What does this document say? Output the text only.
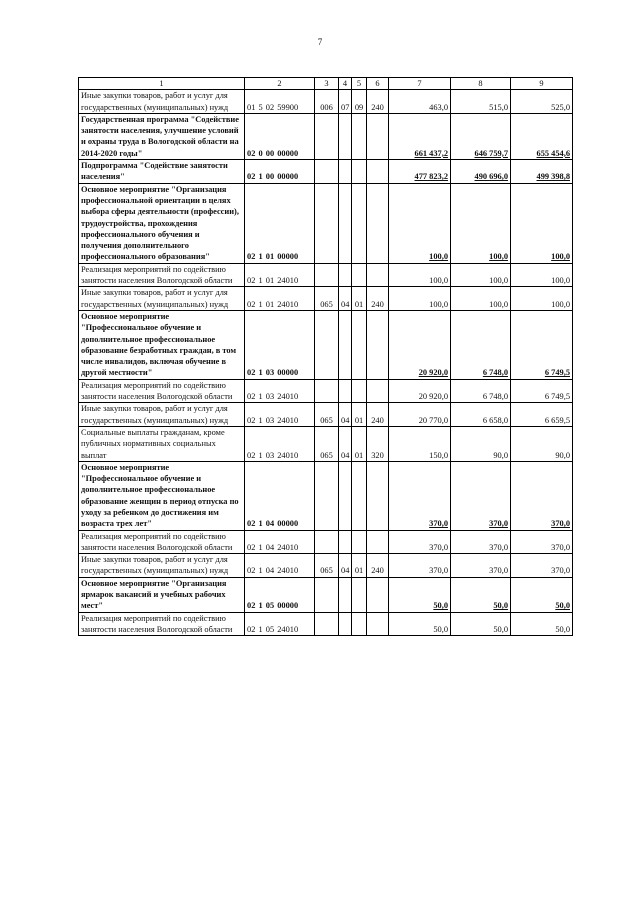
7
1	2	3	4	5	6	7	8	9
Иные закупки товаров, работ и услуг для государственных (муниципальных) нужд	01 5 02 59900	006	07	09	240	463,0	515,0	525,0
Государственная программа "Содействие занятости населения, улучшение условий и охраны труда в Вологодской области на 2014-2020 годы"	02 0 00 00000					661 437,2	646 759,7	655 454,6
Подпрограмма "Содействие занятости населения"	02 1 00 00000					477 823,2	490 696,0	499 398,8
Основное мероприятие "Организация профессиональной ориентации в целях выбора сферы деятельности (профессии), трудоустройства, прохождения профессионального обучения и получения дополнительного профессионального образования"	02 1 01 00000					100,0	100,0	100,0
Реализация мероприятий по содействию занятости населения Вологодской области	02 1 01 24010					100,0	100,0	100,0
Иные закупки товаров, работ и услуг для государственных (муниципальных) нужд	02 1 01 24010	065	04	01	240	100,0	100,0	100,0
Основное мероприятие "Профессиональное обучение и дополнительное профессиональное образование безработных граждан, в том числе инвалидов, включая обучение в другой местности"	02 1 03 00000					20 920,0	6 748,0	6 749,5
Реализация мероприятий по содействию занятости населения Вологодской области	02 1 03 24010					20 920,0	6 748,0	6 749,5
Иные закупки товаров, работ и услуг для государственных (муниципальных) нужд	02 1 03 24010	065	04	01	240	20 770,0	6 658,0	6 659,5
Социальные выплаты гражданам, кроме публичных нормативных социальных выплат	02 1 03 24010	065	04	01	320	150,0	90,0	90,0
Основное мероприятие "Профессиональное обучение и дополнительное профессиональное образование женщин в период отпуска по уходу за ребенком до достижения им возраста трех лет"	02 1 04 00000					370,0	370,0	370,0
Реализация мероприятий по содействию занятости населения Вологодской области	02 1 04 24010					370,0	370,0	370,0
Иные закупки товаров, работ и услуг для государственных (муниципальных) нужд	02 1 04 24010	065	04	01	240	370,0	370,0	370,0
Основное мероприятие "Организация ярмарок вакансий и учебных рабочих мест"	02 1 05 00000					50,0	50,0	50,0
Реализация мероприятий по содействию занятости населения Вологодской области	02 1 05 24010					50,0	50,0	50,0
